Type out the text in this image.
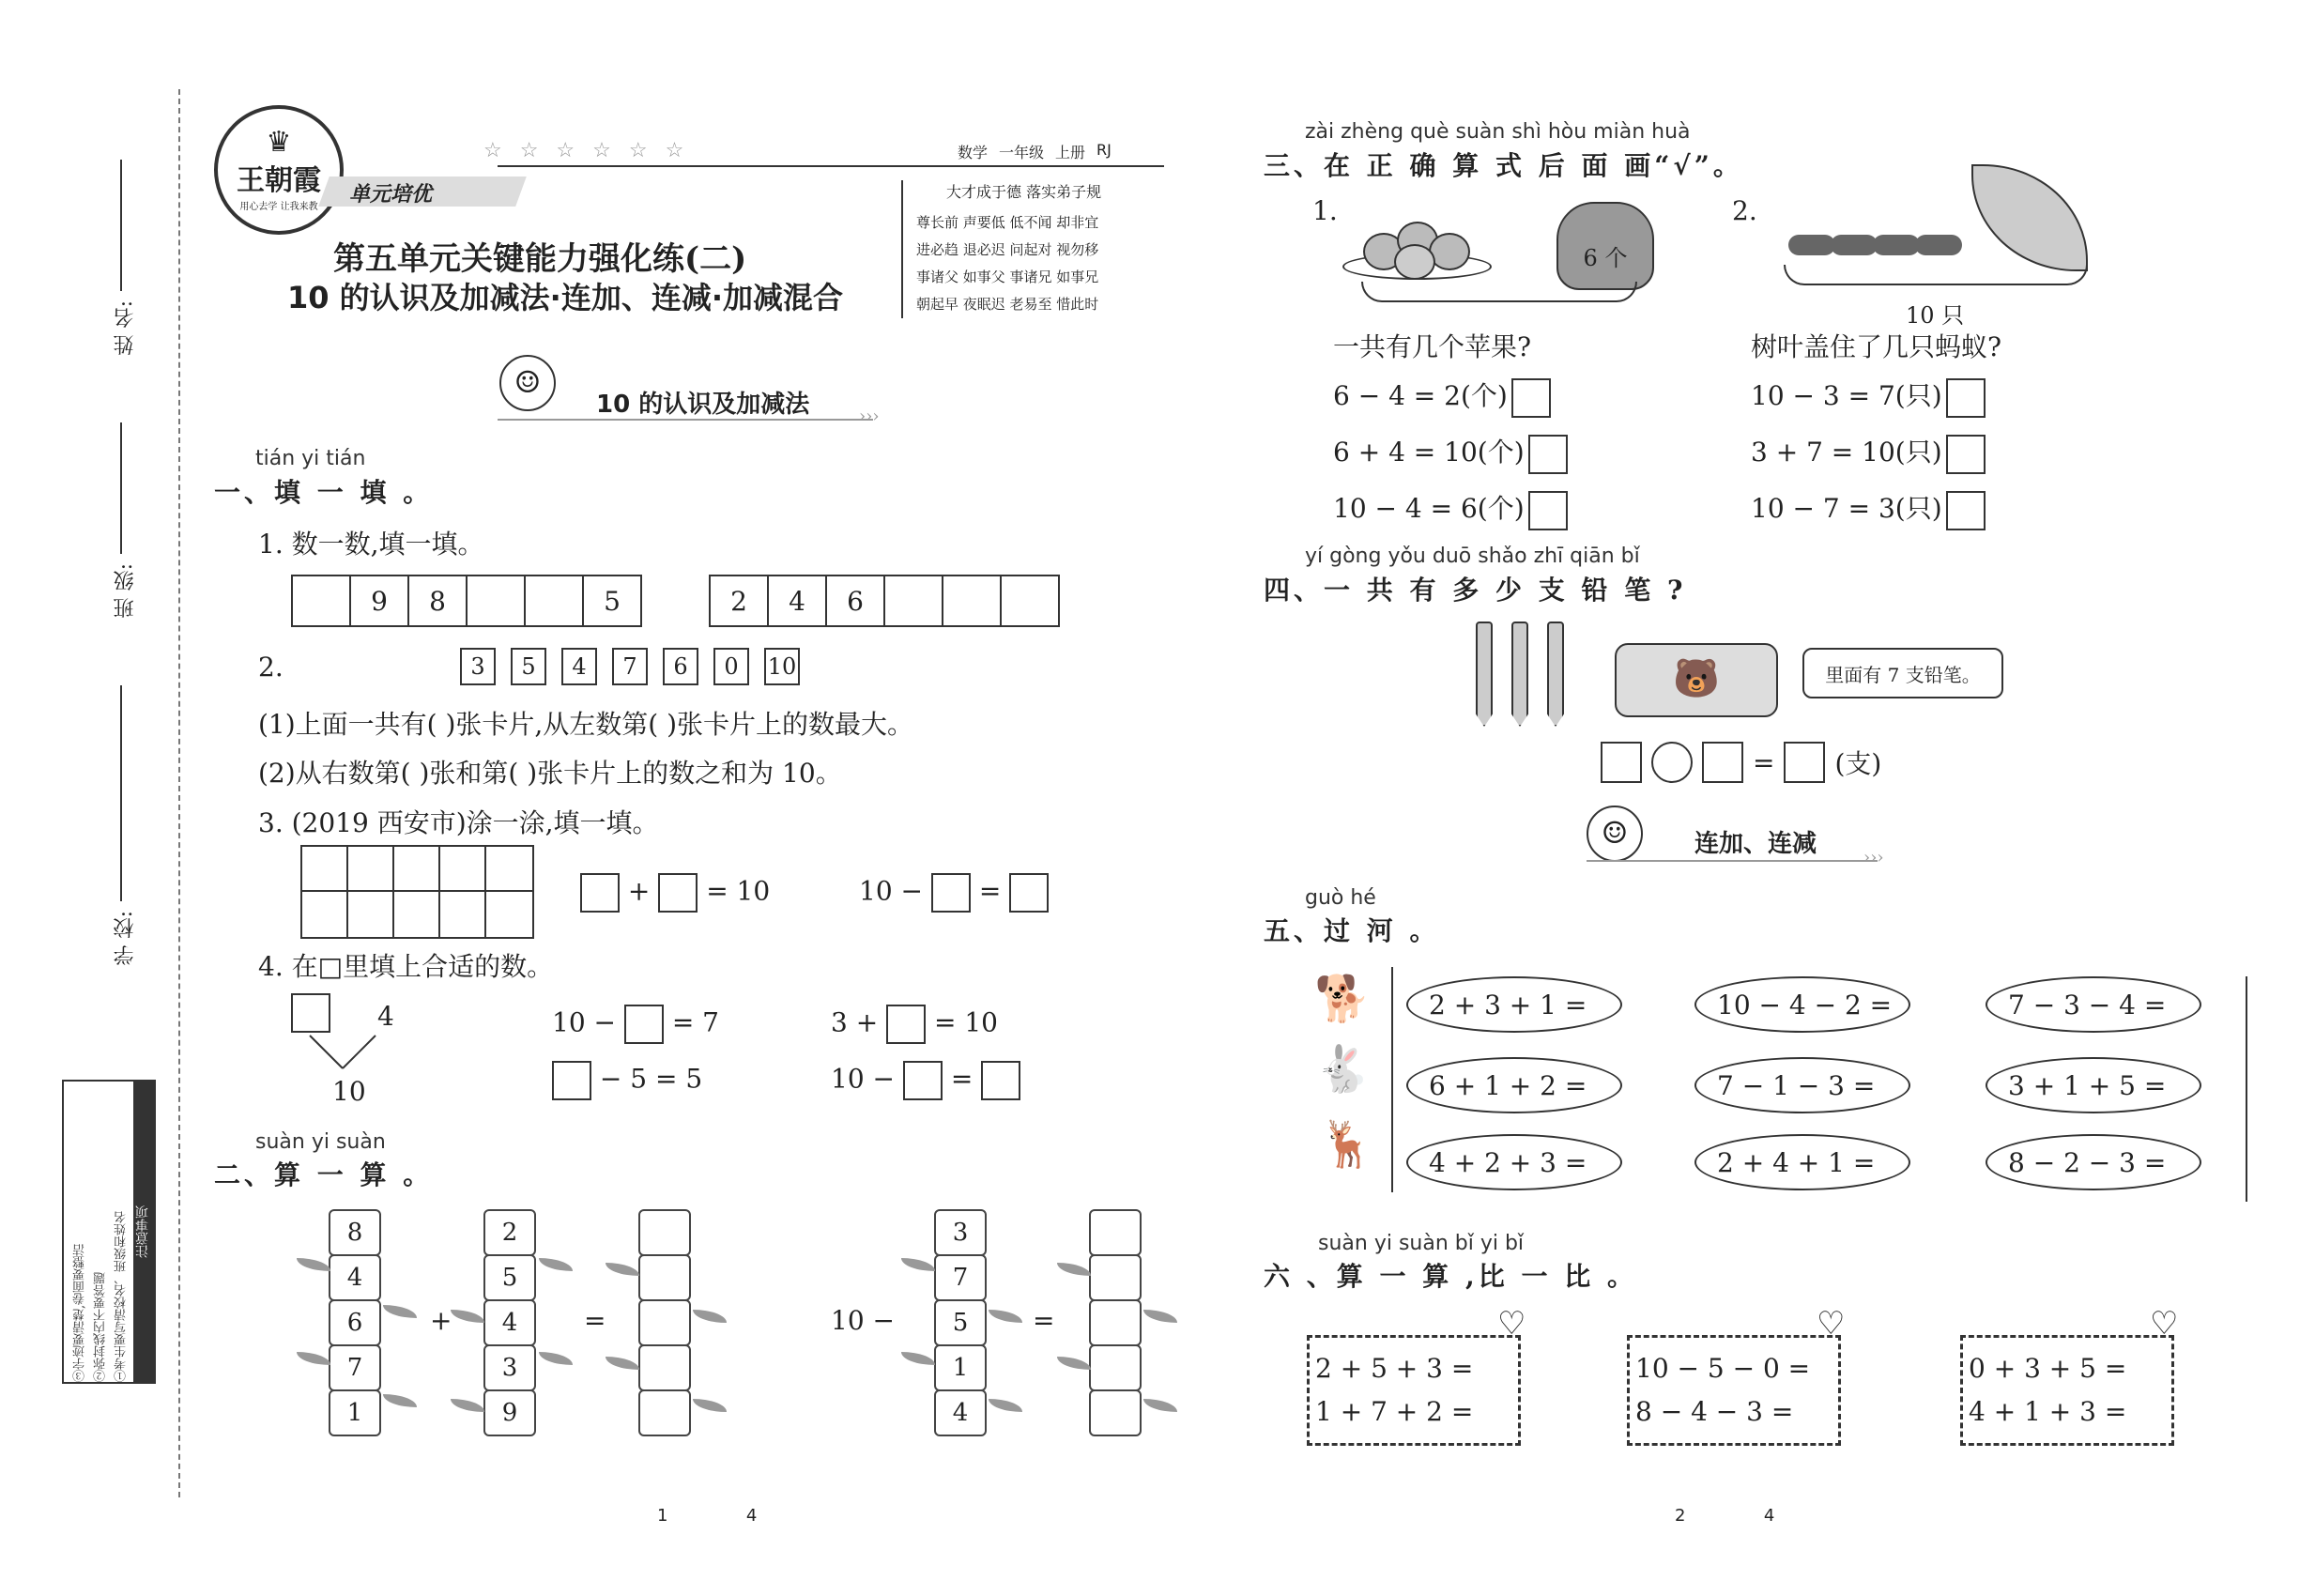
姓 名:
班 级:
学 校:
注意事项
①考生要写清校名、班级和姓名
②弥封线内不要答题
③字迹要清楚,卷面要整洁
♛
王朝霞
用心去学 让我来教 单元培优
☆ ☆ ☆ ☆ ☆ ☆	数学 一年级 上册 RJ
第五单元关键能力强化练(二)
10 的认识及加减法·连加、连减·加减混合
大才成于德 落实弟子规
尊长前 声要低 低不闻 却非宜
进必趋 退必迟 问起对 视勿移
事诸父 如事父 事诸兄 如事兄
朝起早 夜眠迟 老易至 惜此时
☺
10 的认识及加减法	›››
tián yi tián
一、填 一 填 。
1. 数一数,填一填。
9	8	5	2	4	6
2.	3 5 4 7 6 0 10
(1)上面一共有( )张卡片,从左数第( )张卡片上的数最大。
(2)从右数第( )张和第( )张卡片上的数之和为 10。
3. (2019 西安市)涂一涂,填一填。
+ = 10	10 − =
4. 在□里填上合适的数。
4
10
10 − = 7	3 + = 10
− 5 = 5	10 − =
suàn yi suàn
二、算 一 算 。
8
4
6
7
1
+
2
5
4
3
9
=	10 −
3
7
5
1
4
=
1	4
zài zhèng què suàn shì hòu miàn huà
三、在 正 确 算 式 后 面 画“√”。
1.	2.
6 个
10 只
一共有几个苹果?	树叶盖住了几只蚂蚁?
6 − 4 = 2(个)
6 + 4 = 10(个)
10 − 4 = 6(个)
10 − 3 = 7(只)
3 + 7 = 10(只)
10 − 7 = 3(只)
yí gòng yǒu duō shǎo zhī qiān bǐ
四、一 共 有 多 少 支 铅 笔 ?
🐻	里面有 7 支铅笔。
= (支)
☺	连加、连减	›››
guò hé
五、过 河 。
🐕
🐇
🦌
2 + 3 + 1 =	10 − 4 − 2 =	7 − 3 − 4 =
6 + 1 + 2 =	7 − 1 − 3 =	3 + 1 + 5 =
4 + 2 + 3 =	2 + 4 + 1 =	8 − 2 − 3 =
suàn yi suàn bǐ yi bǐ
六 、算 一 算 ,比 一 比 。
2 + 5 + 3 =
1 + 7 + 2 =
♡
10 − 5 − 0 =
8 − 4 − 3 =
♡
0 + 3 + 5 =
4 + 1 + 3 =
♡
2	4
